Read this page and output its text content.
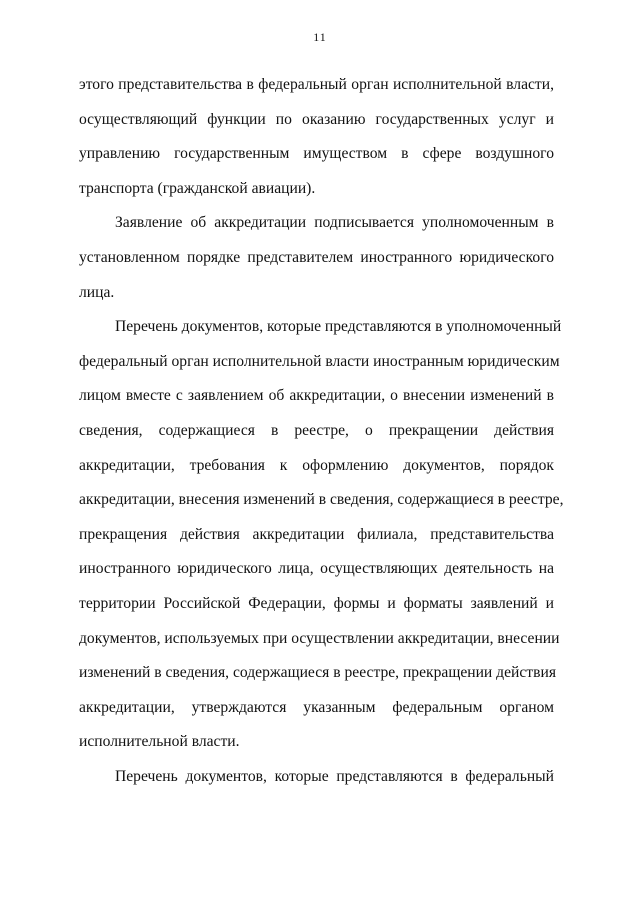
11
этого представительства в федеральный орган исполнительной власти,
осуществляющий функции по оказанию государственных услуг и
управлению государственным имуществом в сфере воздушного
транспорта (гражданской авиации).
Заявление об аккредитации подписывается уполномоченным в
установленном порядке представителем иностранного юридического
лица.
Перечень документов, которые представляются в уполномоченный
федеральный орган исполнительной власти иностранным юридическим
лицом вместе с заявлением об аккредитации, о внесении изменений в
сведения, содержащиеся в реестре, о прекращении действия
аккредитации, требования к оформлению документов, порядок
аккредитации, внесения изменений в сведения, содержащиеся в реестре,
прекращения действия аккредитации филиала, представительства
иностранного юридического лица, осуществляющих деятельность на
территории Российской Федерации, формы и форматы заявлений и
документов, используемых при осуществлении аккредитации, внесении
изменений в сведения, содержащиеся в реестре, прекращении действия
аккредитации, утверждаются указанным федеральным органом
исполнительной власти.
Перечень документов, которые представляются в федеральный
